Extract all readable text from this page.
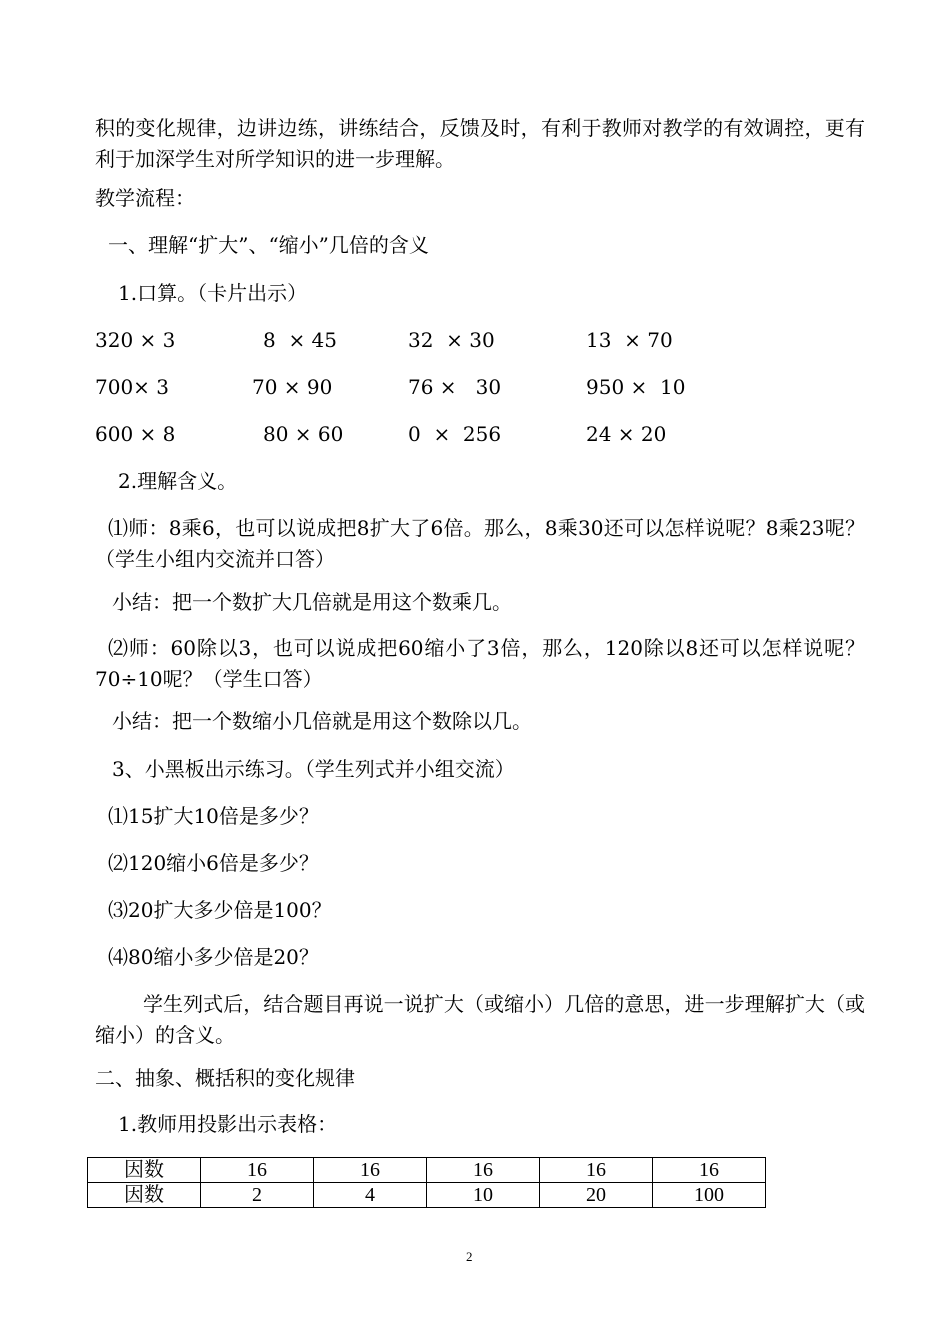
积的变化规律，边讲边练，讲练结合，反馈及时，有利于教师对教学的有效调控，更有利于加深学生对所学知识的进一步理解。
教学流程：
一、理解“扩大”、“缩小”几倍的含义
1.口算。（卡片出示）
320 × 3	8  × 45	32  × 30	13  × 70
700× 3	70 × 90	76 ×   30	950 ×  10
600 × 8	80 × 60	0  ×  256	24 × 20
2.理解含义。
⑴师：8乘6，也可以说成把8扩大了6倍。那么，8乘30还可以怎样说呢？8乘23呢？（学生小组内交流并口答）
小结：把一个数扩大几倍就是用这个数乘几。
⑵师：60除以3，也可以说成把60缩小了3倍，那么，120除以8还可以怎样说呢？70÷10呢？（学生口答）
小结：把一个数缩小几倍就是用这个数除以几。
3、小黑板出示练习。（学生列式并小组交流）
⑴15扩大10倍是多少？
⑵120缩小6倍是多少？
⑶20扩大多少倍是100？
⑷80缩小多少倍是20？
学生列式后，结合题目再说一说扩大（或缩小）几倍的意思，进一步理解扩大（或缩小）的含义。
二、抽象、概括积的变化规律
1.教师用投影出示表格：
因数	16	16	16	16	16
因数	2	4	10	20	100
2
